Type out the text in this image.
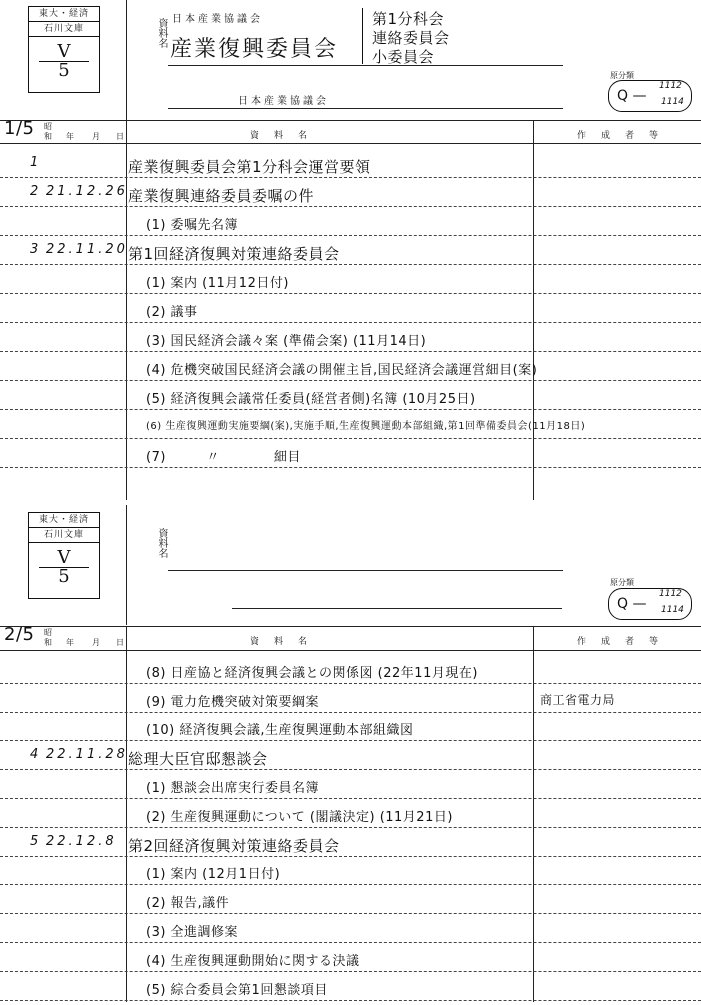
東大・経済
石川文庫
V
5
日本産業協議会
資料名 産業復興委員会
第1分科会
連絡委員会
小委員会
日本産業協議会
原分類
Q —
1112
1114
1/5 昭
和 年 月 日	資　料　名	作　成　者　等
1	産業復興委員会第1分科会運営要領
2 21.12.26 産業復興連絡委員委嘱の件
(1) 委嘱先名簿
3 22.11.20 第1回経済復興対策連絡委員会
(1) 案内 (11月12日付)
(2) 議事
(3) 国民経済会議々案 (準備会案) (11月14日)
(4) 危機突破国民経済会議の開催主旨,国民経済会議運営細目(案)
(5) 経済復興会議常任委員(経営者側)名簿 (10月25日)
(6) 生産復興運動実施要綱(案),実施手順,生産復興運動本部組織,第1回準備委員会(11月18日)
(7)　　　〃　　　　細目
東大・経済
石川文庫
V
5
資料名
原分類
Q —
1112
1114
2/5 昭
和 年 月 日	資　料　名	作　成　者　等
(8) 日産協と経済復興会議との関係図 (22年11月現在)
(9) 電力危機突破対策要綱案	商工省電力局
(10) 経済復興会議,生産復興運動本部組織図
4 22.11.28 総理大臣官邸懇談会
(1) 懇談会出席実行委員名簿
(2) 生産復興運動について (閣議決定) (11月21日)
5 22.12.8 第2回経済復興対策連絡委員会
(1) 案内 (12月1日付)
(2) 報告,議件
(3) 全進調修案
(4) 生産復興運動開始に関する決議
(5) 綜合委員会第1回懇談項目
